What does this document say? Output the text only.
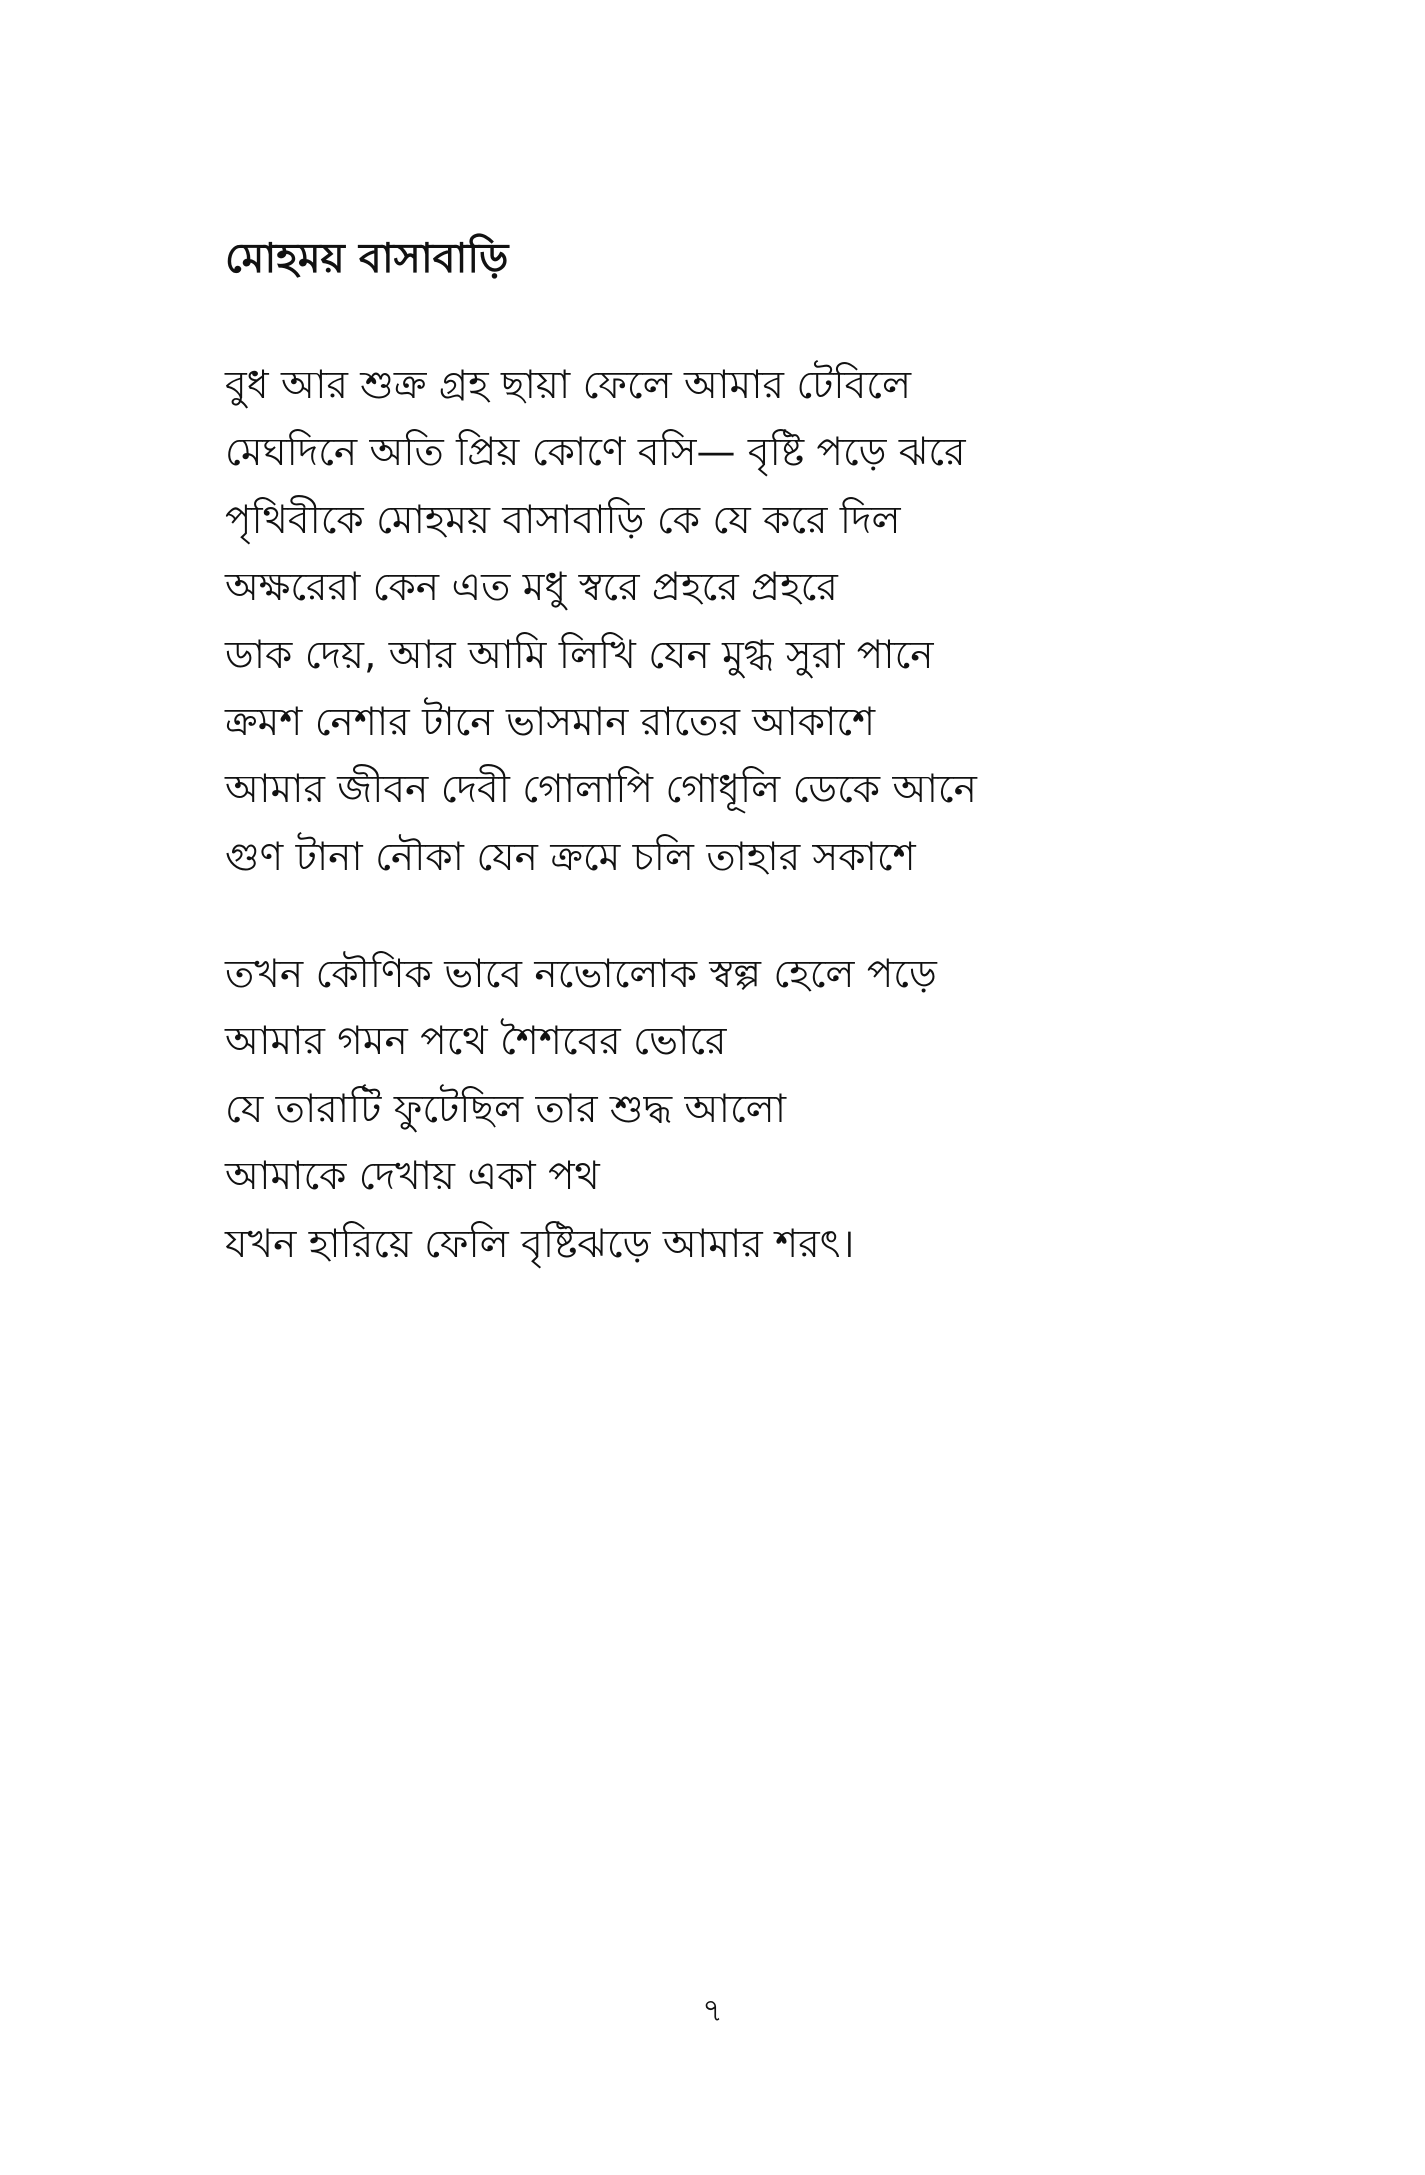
মোহময় বাসাবাড়ি
বুধ আর শুক্র গ্রহ ছায়া ফেলে আমার টেবিলে
মেঘদিনে অতি প্রিয় কোণে বসি— বৃষ্টি পড়ে ঝরে
পৃথিবীকে মোহময় বাসাবাড়ি কে যে করে দিল
অক্ষরেরা কেন এত মধু স্বরে প্রহরে প্রহরে
ডাক দেয়, আর আমি লিখি যেন মুগ্ধ সুরা পানে
ক্রমশ নেশার টানে ভাসমান রাতের আকাশে
আমার জীবন দেবী গোলাপি গোধূলি ডেকে আনে
গুণ টানা নৌকা যেন ক্রমে চলি তাহার সকাশে
তখন কৌণিক ভাবে নভোলোক স্বল্প হেলে পড়ে
আমার গমন পথে শৈশবের ভোরে
যে তারাটি ফুটেছিল তার শুদ্ধ আলো
আমাকে দেখায় একা পথ
যখন হারিয়ে ফেলি বৃষ্টিঝড়ে আমার শরৎ।
৭
